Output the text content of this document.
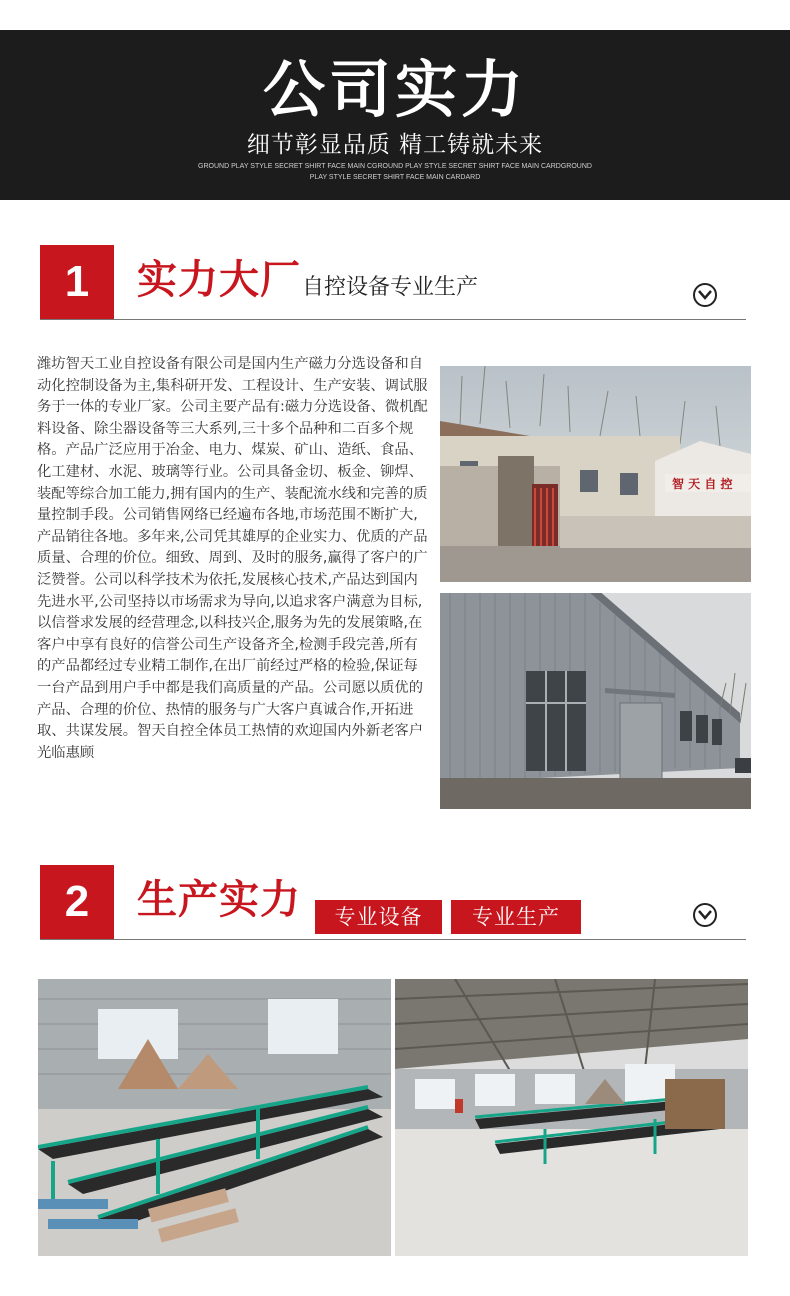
公司实力
细节彰显品质 精工铸就未来
GROUND PLAY STYLE SECRET SHIRT FACE MAIN CGROUND PLAY STYLE SECRET SHIRT FACE MAIN CARDGROUND PLAY STYLE SECRET SHIRT FACE MAIN CARDARD
1	实力大厂 自控设备专业生产
潍坊智天工业自控设备有限公司是国内生产磁力分选设备和自动化控制设备为主,集科研开发、工程设计、生产安装、调试服务于一体的专业厂家。公司主要产品有:磁力分选设备、微机配料设备、除尘器设备等三大系列,三十多个品种和二百多个规格。产品广泛应用于冶金、电力、煤炭、矿山、造纸、食品、化工建材、水泥、玻璃等行业。公司具备金切、板金、铆焊、装配等综合加工能力,拥有国内的生产、装配流水线和完善的质量控制手段。公司销售网络已经遍布各地,市场范围不断扩大,产品销往各地。多年来,公司凭其雄厚的企业实力、优质的产品质量、合理的价位。细致、周到、及时的服务,赢得了客户的广泛赞誉。公司以科学技术为依托,发展核心技术,产品达到国内先进水平,公司坚持以市场需求为导向,以追求客户满意为目标,以信誉求发展的经营理念,以科技兴企,服务为先的发展策略,在客户中享有良好的信誉公司生产设备齐全,检测手段完善,所有的产品都经过专业精工制作,在出厂前经过严格的检验,保证每一台产品到用户手中都是我们高质量的产品。公司愿以质优的产品、合理的价位、热情的服务与广大客户真诚合作,开拓进取、共谋发展。智天自控全体员工热情的欢迎国内外新老客户光临惠顾
智 天 自 控
2	生产实力	专业设备	专业生产
